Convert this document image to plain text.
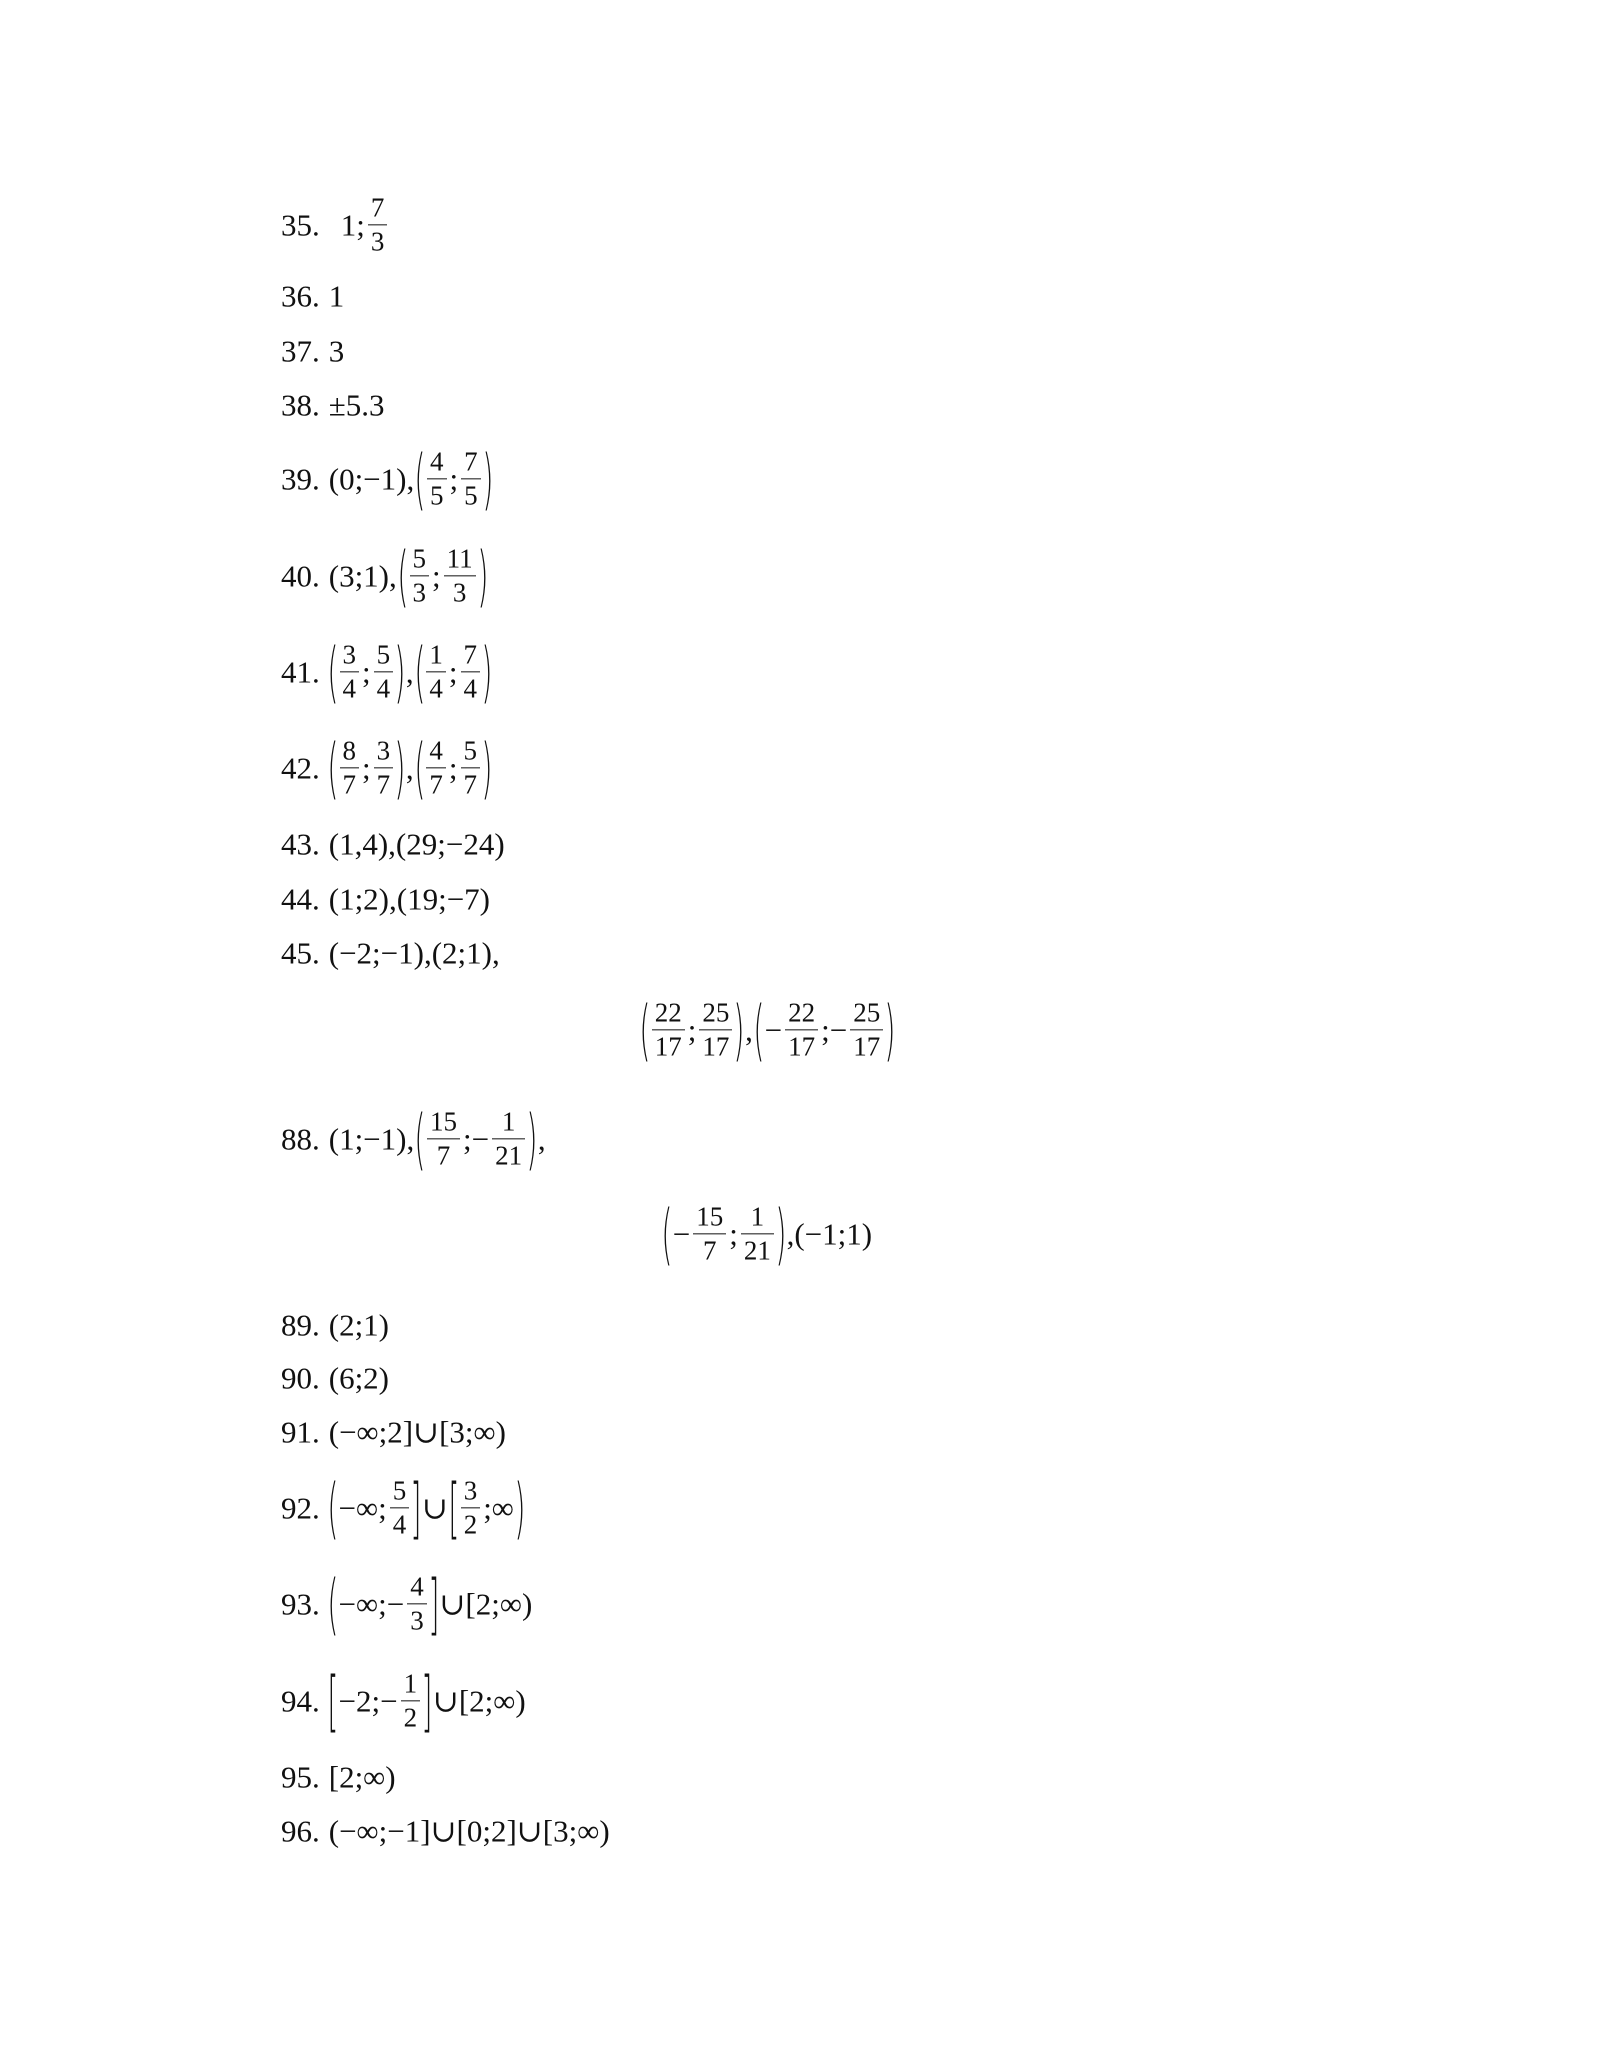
35. 1; $\frac{7}{3}$
36. 1
37. 3
38. ±5.3
39. (0;−1), ( $\frac{4}{5}$ ; $\frac{7}{5}$ )
40. (3;1), ( $\frac{5}{3}$ ; $\frac{11}{3}$ )
41. ( $\frac{3}{4}$ ; $\frac{5}{4}$ ) , ( $\frac{1}{4}$ ; $\frac{7}{4}$ )
42. ( $\frac{8}{7}$ ; $\frac{3}{7}$ ) , ( $\frac{4}{7}$ ; $\frac{5}{7}$ )
43. (1,4),(29;−24)
44. (1;2),(19;−7)
45. (−2;−1),(2;1),
( $\frac{22}{17}$ ; $\frac{25}{17}$ ) , ( − $\frac{22}{17}$ ;− $\frac{25}{17}$ )
88. (1;−1), ( $\frac{15}{7}$ ;− $\frac{1}{21}$ ) ,
( − $\frac{15}{7}$ ; $\frac{1}{21}$ ) ,(−1;1)
89. (2;1)
90. (6;2)
91. (−∞;2]∪[3;∞)
92. ( −∞; $\frac{5}{4}$ ] ∪ [ $\frac{3}{2}$ ;∞ )
93. ( −∞;− $\frac{4}{3}$ ] ∪[2;∞)
94. [ −2;− $\frac{1}{2}$ ] ∪[2;∞)
95. [2;∞)
96. (−∞;−1]∪[0;2]∪[3;∞)
